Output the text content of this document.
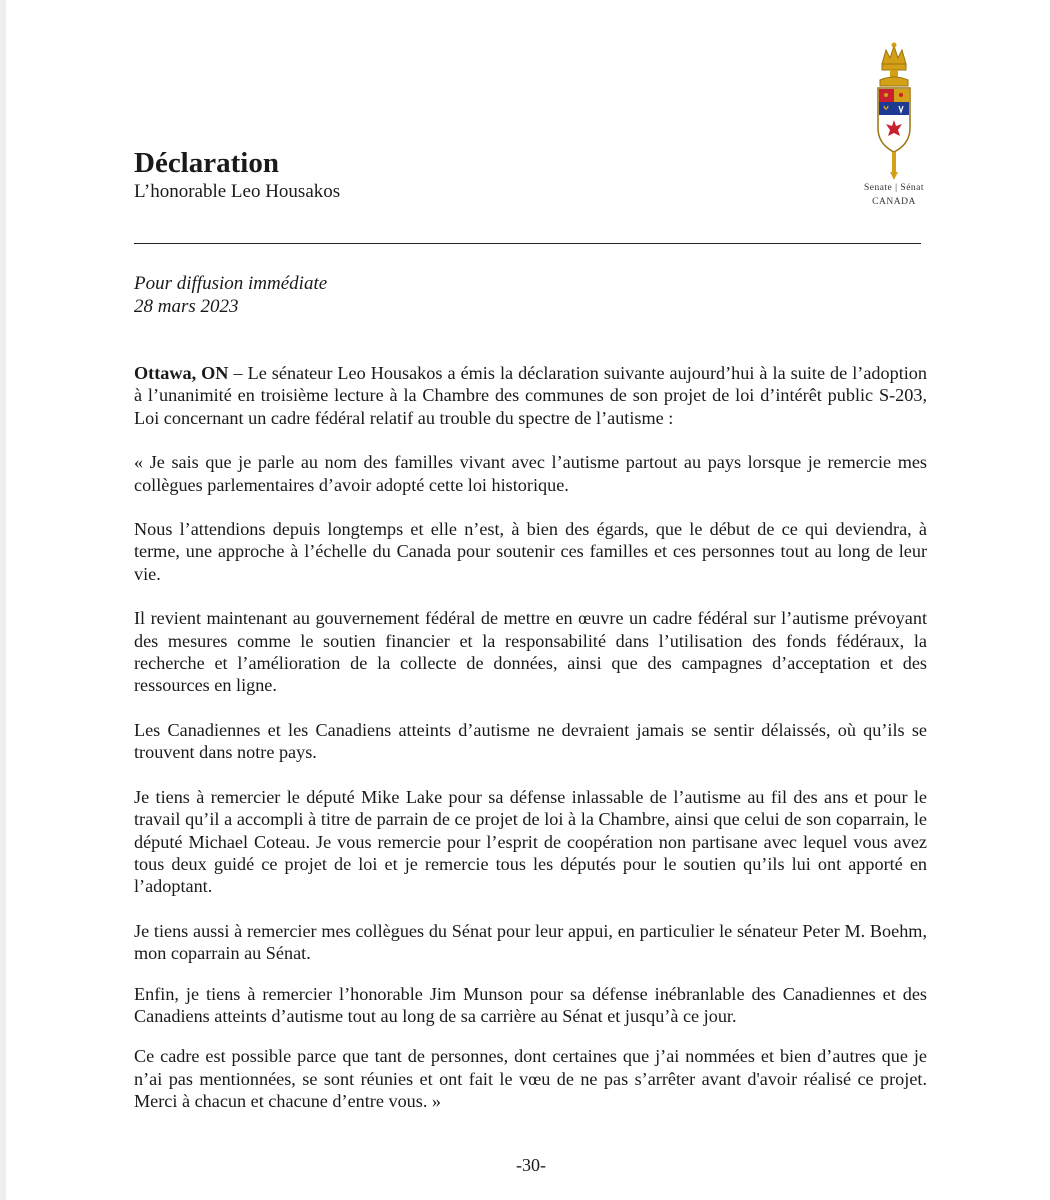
Senate | Sénat
CANADA
Déclaration
L’honorable Leo Housakos
Pour diffusion immédiate
28 mars 2023

Ottawa, ON – Le sénateur Leo Housakos a émis la déclaration suivante aujourd’hui à la suite de l’adoption à l’unanimité en troisième lecture à la Chambre des communes de son projet de loi d’intérêt public S-203, Loi concernant un cadre fédéral relatif au trouble du spectre de l’autisme :

« Je sais que je parle au nom des familles vivant avec l’autisme partout au pays lorsque je remercie mes collègues parlementaires d’avoir adopté cette loi historique.

Nous l’attendions depuis longtemps et elle n’est, à bien des égards, que le début de ce qui deviendra, à terme, une approche à l’échelle du Canada pour soutenir ces familles et ces personnes tout au long de leur vie.

Il revient maintenant au gouvernement fédéral de mettre en œuvre un cadre fédéral sur l’autisme prévoyant des mesures comme le soutien financier et la responsabilité dans l’utilisation des fonds fédéraux, la recherche et l’amélioration de la collecte de données, ainsi que des campagnes d’acceptation et des ressources en ligne.

Les Canadiennes et les Canadiens atteints d’autisme ne devraient jamais se sentir délaissés, où qu’ils se trouvent dans notre pays.

Je tiens à remercier le député Mike Lake pour sa défense inlassable de l’autisme au fil des ans et pour le travail qu’il a accompli à titre de parrain de ce projet de loi à la Chambre, ainsi que celui de son coparrain, le député Michael Coteau. Je vous remercie pour l’esprit de coopération non partisane avec lequel vous avez tous deux guidé ce projet de loi et je remercie tous les députés pour le soutien qu’ils lui ont apporté en l’adoptant.

Je tiens aussi à remercier mes collègues du Sénat pour leur appui, en particulier le sénateur Peter M. Boehm, mon coparrain au Sénat.

Enfin, je tiens à remercier l’honorable Jim Munson pour sa défense inébranlable des Canadiennes et des Canadiens atteints d’autisme tout au long de sa carrière au Sénat et jusqu’à ce jour.

Ce cadre est possible parce que tant de personnes, dont certaines que j’ai nommées et bien d’autres que je n’ai pas mentionnées, se sont réunies et ont fait le vœu de ne pas s’arrêter avant d'avoir réalisé ce projet. Merci à chacun et chacune d’entre vous. »

-30-
